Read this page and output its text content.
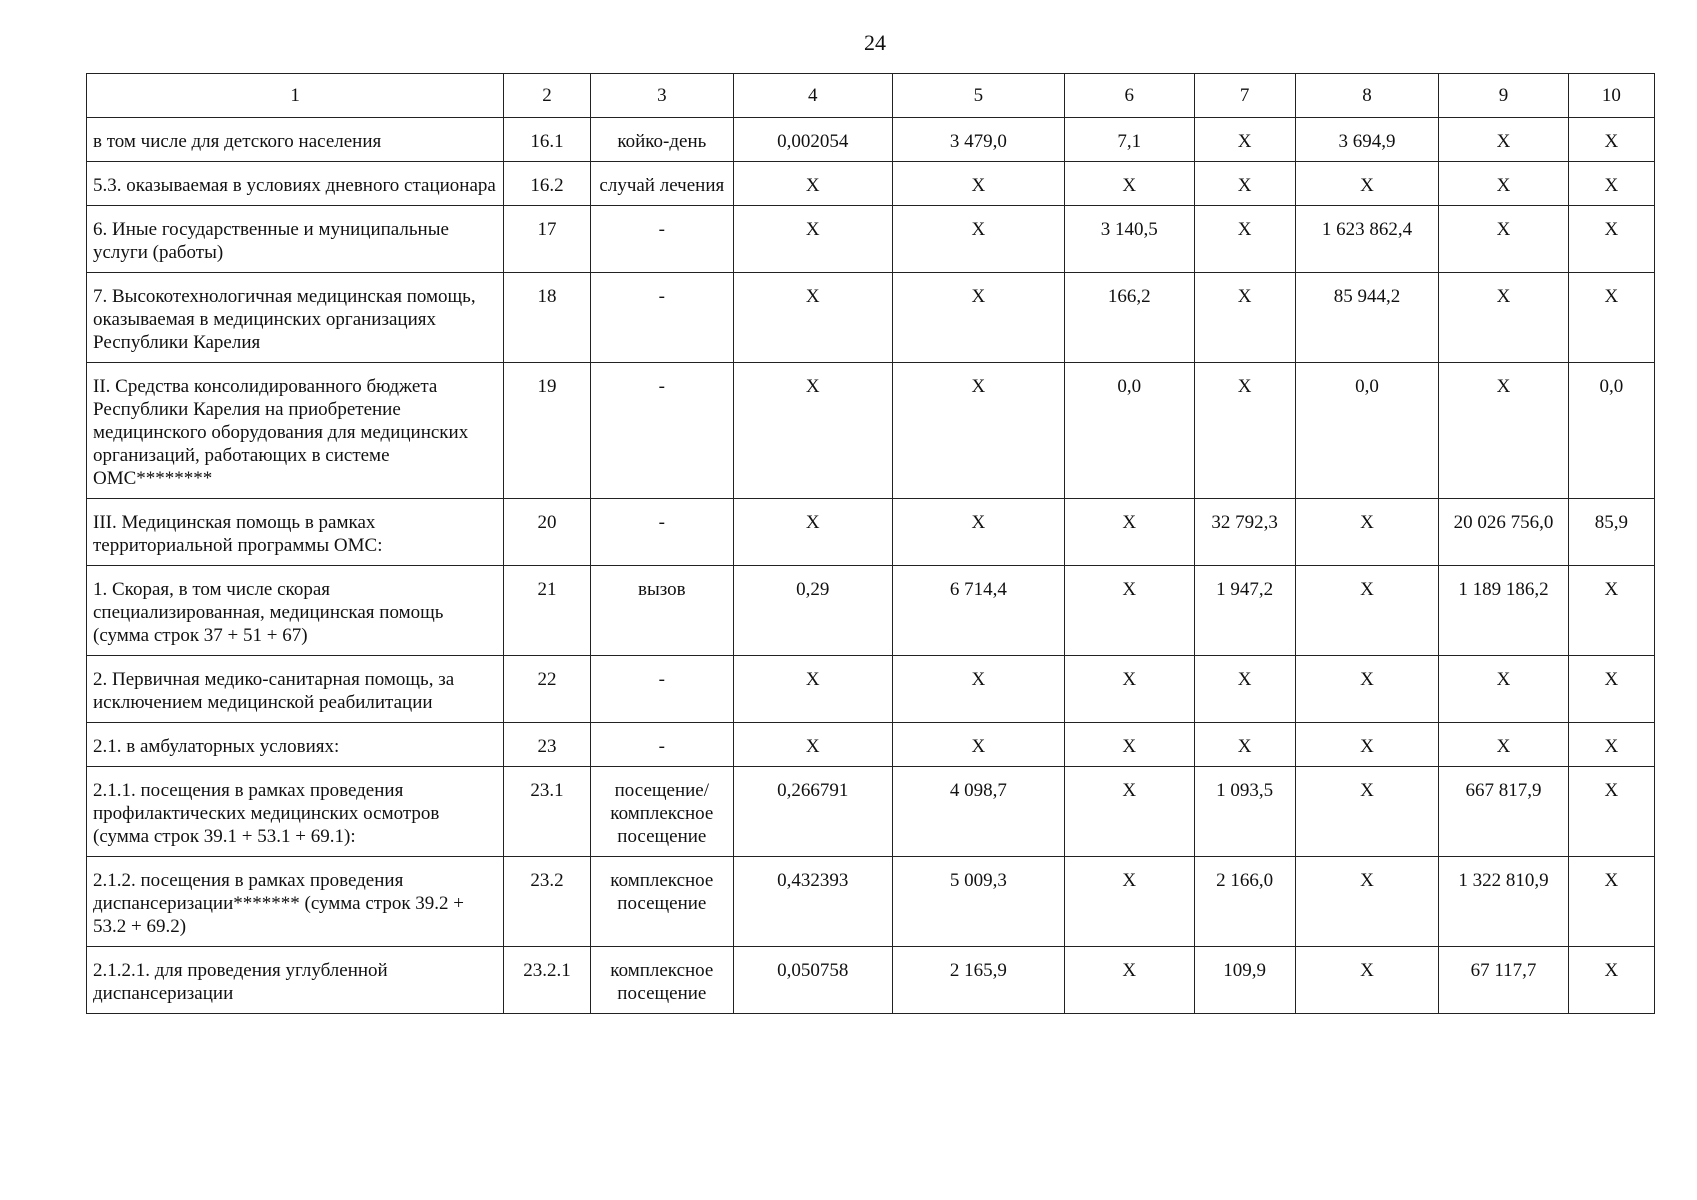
24
1	2	3	4	5	6	7	8	9	10
в том числе для детского населения	16.1	койко-день	0,002054	3 479,0	7,1	Х	3 694,9	Х	Х
5.3. оказываемая в условиях дневного стационара	16.2	случай лечения	Х	Х	Х	Х	Х	Х	Х
6. Иные государственные и муниципальные услуги (работы)	17	-	Х	Х	3 140,5	Х	1 623 862,4	Х	Х
7. Высокотехнологичная медицинская помощь, оказываемая в медицинских организациях Республики Карелия	18	-	Х	Х	166,2	Х	85 944,2	Х	Х
II. Средства консолидированного бюджета Республики Карелия на приобретение медицинского оборудования для медицинских организаций, работающих в системе ОМС********	19	-	Х	Х	0,0	Х	0,0	Х	0,0
III. Медицинская помощь в рамках территориальной программы ОМС:	20	-	Х	Х	Х	32 792,3	Х	20 026 756,0	85,9
1. Скорая, в том числе скорая специализированная, медицинская помощь (сумма строк 37 + 51 + 67)	21	вызов	0,29	6 714,4	Х	1 947,2	Х	1 189 186,2	Х
2. Первичная медико-санитарная помощь, за исключением медицинской реабилитации	22	-	Х	Х	Х	Х	Х	Х	Х
2.1. в амбулаторных условиях:	23	-	Х	Х	Х	Х	Х	Х	Х
2.1.1. посещения в рамках проведения профилактических медицинских осмотров (сумма строк 39.1 + 53.1 + 69.1):	23.1	посещение/ комплексное посещение	0,266791	4 098,7	Х	1 093,5	Х	667 817,9	Х
2.1.2. посещения в рамках проведения диспансеризации******* (сумма строк 39.2 + 53.2 + 69.2)	23.2	комплексное посещение	0,432393	5 009,3	Х	2 166,0	Х	1 322 810,9	Х
2.1.2.1. для проведения углубленной диспансеризации	23.2.1	комплексное посещение	0,050758	2 165,9	Х	109,9	Х	67 117,7	Х
